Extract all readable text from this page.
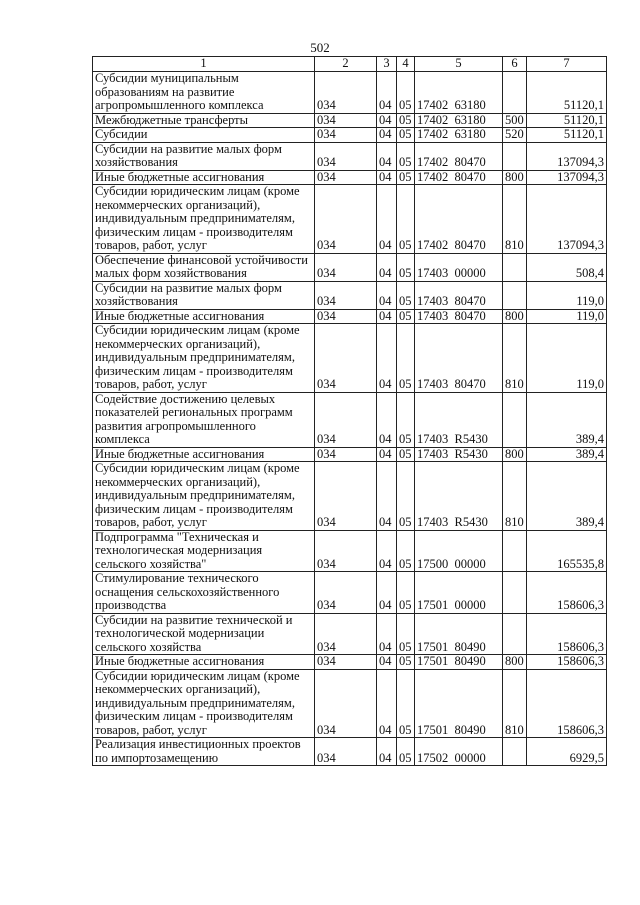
502
1	2	3	4	5	6	7
Субсидии муниципальным образованиям на развитие агропромышленного комплекса	034	04	05	17402  63180		51120,1
Межбюджетные трансферты	034	04	05	17402  63180	500	51120,1
Субсидии	034	04	05	17402  63180	520	51120,1
Субсидии на развитие малых форм хозяйствования	034	04	05	17402  80470		137094,3
Иные бюджетные ассигнования	034	04	05	17402  80470	800	137094,3
Субсидии юридическим лицам (кроме некоммерческих организаций), индивидуальным предпринимателям, физическим лицам - производителям товаров, работ, услуг	034	04	05	17402  80470	810	137094,3
Обеспечение финансовой устойчивости малых форм хозяйствования	034	04	05	17403  00000		508,4
Субсидии на развитие малых форм хозяйствования	034	04	05	17403  80470		119,0
Иные бюджетные ассигнования	034	04	05	17403  80470	800	119,0
Субсидии юридическим лицам (кроме некоммерческих организаций), индивидуальным предпринимателям, физическим лицам - производителям товаров, работ, услуг	034	04	05	17403  80470	810	119,0
Содействие достижению целевых показателей региональных программ развития агропромышленного комплекса	034	04	05	17403  R5430		389,4
Иные бюджетные ассигнования	034	04	05	17403  R5430	800	389,4
Субсидии юридическим лицам (кроме некоммерческих организаций), индивидуальным предпринимателям, физическим лицам - производителям товаров, работ, услуг	034	04	05	17403  R5430	810	389,4
Подпрограмма "Техническая и технологическая модернизация сельского хозяйства"	034	04	05	17500  00000		165535,8
Стимулирование технического оснащения сельскохозяйственного производства	034	04	05	17501  00000		158606,3
Субсидии на развитие технической и технологической модернизации сельского хозяйства	034	04	05	17501  80490		158606,3
Иные бюджетные ассигнования	034	04	05	17501  80490	800	158606,3
Субсидии юридическим лицам (кроме некоммерческих организаций), индивидуальным предпринимателям, физическим лицам - производителям товаров, работ, услуг	034	04	05	17501  80490	810	158606,3
Реализация инвестиционных проектов по импортозамещению	034	04	05	17502  00000		6929,5
